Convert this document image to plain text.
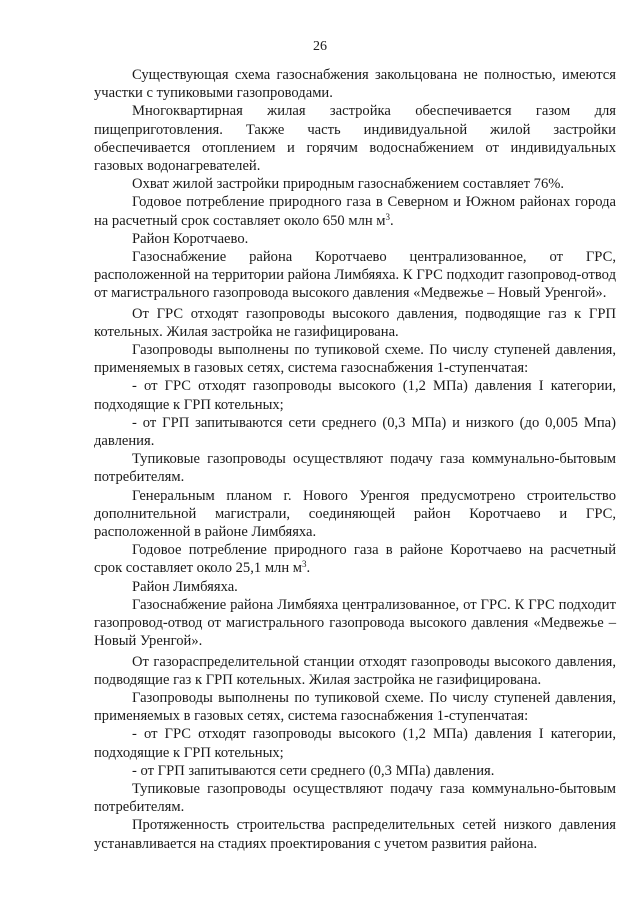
26

Существующая схема газоснабжения закольцована не полностью, имеются участки с тупиковыми газопроводами.

Многоквартирная жилая застройка обеспечивается газом для пищеприготовления. Также часть индивидуальной жилой застройки обеспечивается отоплением и горячим водоснабжением от индивидуальных газовых водонагревателей.

Охват жилой застройки природным газоснабжением составляет 76%.

Годовое потребление природного газа в Северном и Южном районах города на расчетный срок составляет около 650 млн $м^3$.

Район Коротчаево.

Газоснабжение района Коротчаево централизованное, от ГРС, расположенной на территории района Лимбяяха. К ГРС подходит газопровод-отвод от магистрального газопровода высокого давления «Медвежье – Новый Уренгой».

От ГРС отходят газопроводы высокого давления, подводящие газ к ГРП котельных. Жилая застройка не газифицирована.

Газопроводы выполнены по тупиковой схеме. По числу ступеней давления, применяемых в газовых сетях, система газоснабжения 1-ступенчатая:

- от ГРС отходят газопроводы высокого (1,2 МПа) давления I категории, подходящие к ГРП котельных;

- от ГРП запитываются сети среднего (0,3 МПа) и низкого (до 0,005 Мпа) давления.

Тупиковые газопроводы осуществляют подачу газа коммунально-бытовым потребителям.

Генеральным планом г. Нового Уренгоя предусмотрено строительство дополнительной магистрали, соединяющей район Коротчаево и ГРС, расположенной в районе Лимбяяха.

Годовое потребление природного газа в районе Коротчаево на расчетный срок составляет около 25,1 млн $м^3$.

Район Лимбяяха.

Газоснабжение района Лимбяяха централизованное, от ГРС. К ГРС подходит газопровод-отвод от магистрального газопровода высокого давления «Медвежье – Новый Уренгой».

От газораспределительной станции отходят газопроводы высокого давления, подводящие газ к ГРП котельных. Жилая застройка не газифицирована.

Газопроводы выполнены по тупиковой схеме. По числу ступеней давления, применяемых в газовых сетях, система газоснабжения 1-ступенчатая:

- от ГРС отходят газопроводы высокого (1,2 МПа) давления I категории, подходящие к ГРП котельных;

- от ГРП запитываются сети среднего (0,3 МПа) давления.

Тупиковые газопроводы осуществляют подачу газа коммунально-бытовым потребителям.

Протяженность строительства распределительных сетей низкого давления устанавливается на стадиях проектирования с учетом развития района.
